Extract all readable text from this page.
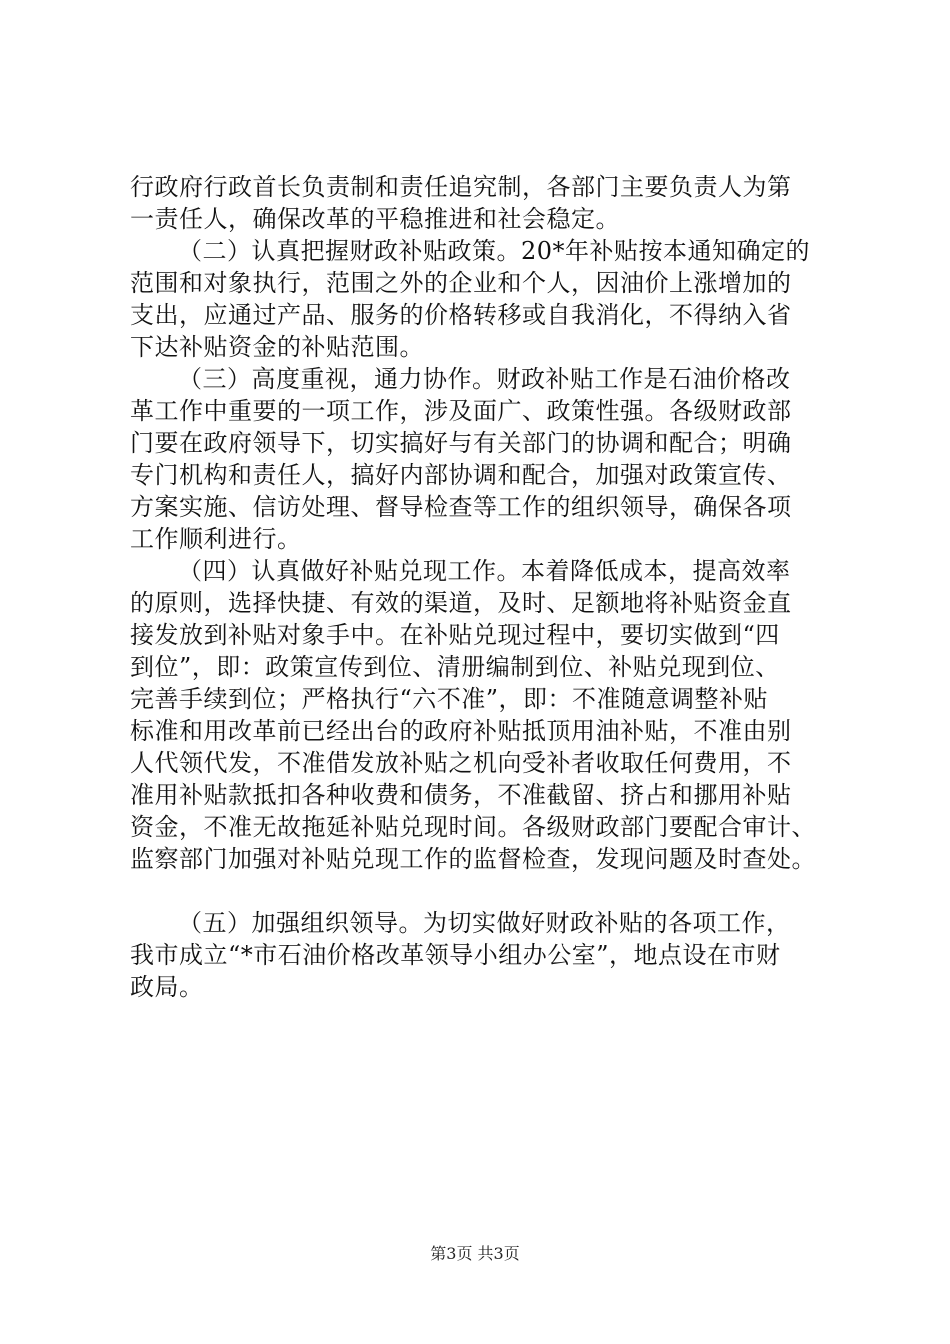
行政府行政首长负责制和责任追究制，各部门主要负责人为第
一责任人，确保改革的平稳推进和社会稳定。
（二）认真把握财政补贴政策。20*年补贴按本通知确定的
范围和对象执行，范围之外的企业和个人，因油价上涨增加的
支出，应通过产品、服务的价格转移或自我消化，不得纳入省
下达补贴资金的补贴范围。
（三）高度重视，通力协作。财政补贴工作是石油价格改
革工作中重要的一项工作，涉及面广、政策性强。各级财政部
门要在政府领导下，切实搞好与有关部门的协调和配合；明确
专门机构和责任人，搞好内部协调和配合，加强对政策宣传、
方案实施、信访处理、督导检查等工作的组织领导，确保各项
工作顺利进行。
（四）认真做好补贴兑现工作。本着降低成本，提高效率
的原则，选择快捷、有效的渠道，及时、足额地将补贴资金直
接发放到补贴对象手中。在补贴兑现过程中，要切实做到“四
到位”，即：政策宣传到位、清册编制到位、补贴兑现到位、
完善手续到位；严格执行“六不准”，即：不准随意调整补贴
标准和用改革前已经出台的政府补贴抵顶用油补贴，不准由别
人代领代发，不准借发放补贴之机向受补者收取任何费用，不
准用补贴款抵扣各种收费和债务，不准截留、挤占和挪用补贴
资金，不准无故拖延补贴兑现时间。各级财政部门要配合审计、
监察部门加强对补贴兑现工作的监督检查，发现问题及时查处。
（五）加强组织领导。为切实做好财政补贴的各项工作，
我市成立“*市石油价格改革领导小组办公室”，地点设在市财
政局。
第3页 共3页
